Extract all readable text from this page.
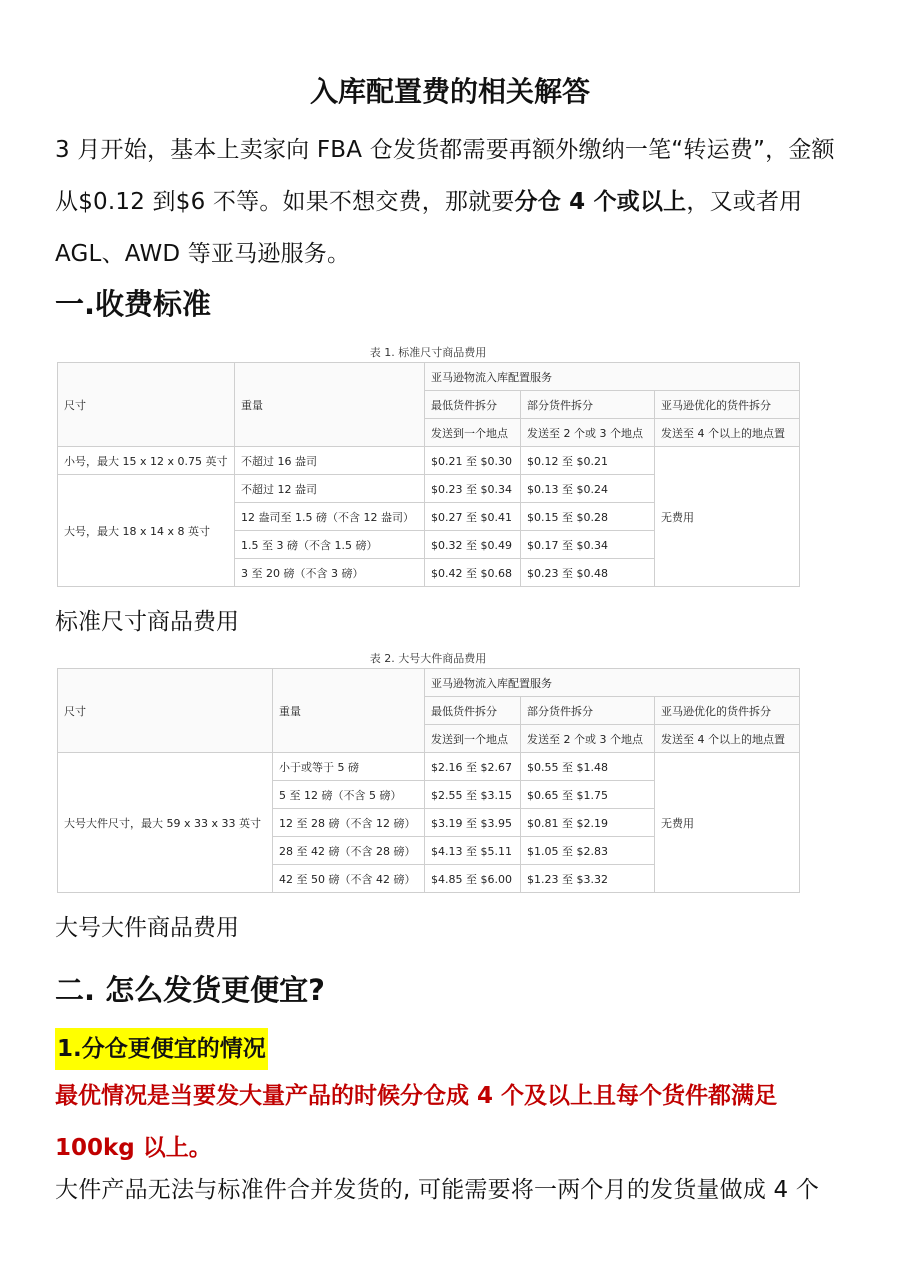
入库配置费的相关解答
3 月开始，基本上卖家向 FBA 仓发货都需要再额外缴纳一笔“转运费”，金额从$0.12 到$6 不等。如果不想交费，那就要分仓 4 个或以上，又或者用 AGL、AWD 等亚马逊服务。
一.收费标准
表 1. 标准尺寸商品费用
尺寸	重量	亚马逊物流入库配置服务		
		最低货件拆分	部分货件拆分	亚马逊优化的货件拆分
		发送到一个地点	发送至 2 个或 3 个地点	发送至 4 个以上的地点置
小号，最大 15 x 12 x 0.75 英寸	不超过 16 盎司	$0.21 至 $0.30	$0.12 至 $0.21	无费用
大号，最大 18 x 14 x 8 英寸	不超过 12 盎司	$0.23 至 $0.34	$0.13 至 $0.24	
	12 盎司至 1.5 磅（不含 12 盎司）	$0.27 至 $0.41	$0.15 至 $0.28	
	1.5 至 3 磅（不含 1.5 磅）	$0.32 至 $0.49	$0.17 至 $0.34	
	3 至 20 磅（不含 3 磅）	$0.42 至 $0.68	$0.23 至 $0.48	
标准尺寸商品费用
表 2. 大号大件商品费用
尺寸	重量	亚马逊物流入库配置服务		
		最低货件拆分	部分货件拆分	亚马逊优化的货件拆分
		发送到一个地点	发送至 2 个或 3 个地点	发送至 4 个以上的地点置
大号大件尺寸，最大 59 x 33 x 33 英寸	小于或等于 5 磅	$2.16 至 $2.67	$0.55 至 $1.48	无费用
	5 至 12 磅（不含 5 磅）	$2.55 至 $3.15	$0.65 至 $1.75	
	12 至 28 磅（不含 12 磅）	$3.19 至 $3.95	$0.81 至 $2.19	
	28 至 42 磅（不含 28 磅）	$4.13 至 $5.11	$1.05 至 $2.83	
	42 至 50 磅（不含 42 磅）	$4.85 至 $6.00	$1.23 至 $3.32	
大号大件商品费用
二. 怎么发货更便宜?
1.分仓更便宜的情况
最优情况是当要发大量产品的时候分仓成 4 个及以上且每个货件都满足 100kg 以上。
大件产品无法与标准件合并发货的, 可能需要将一两个月的发货量做成 4 个
